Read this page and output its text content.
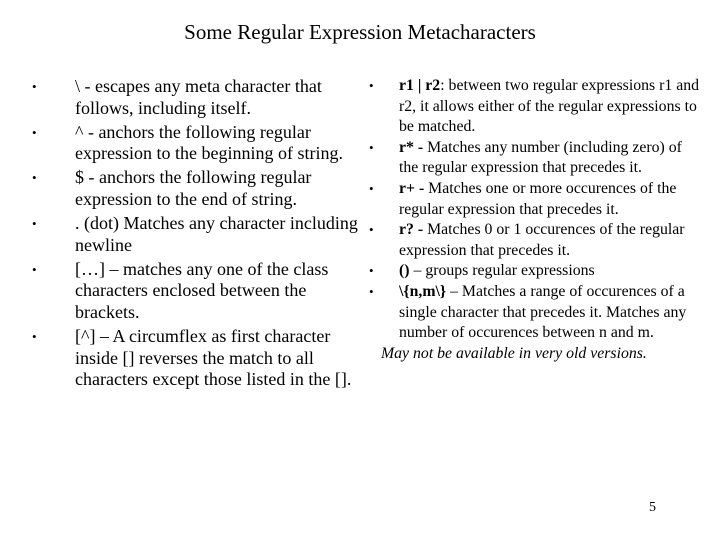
Some Regular Expression Metacharacters
• \ - escapes any meta character that follows, including itself.
• ^ - anchors the following regular expression to the beginning of string.
• $ - anchors the following regular expression to the end of string.
• . (dot) Matches any character including newline
• […] – matches any one of the class characters enclosed between the brackets.
• [^] – A circumflex as first character inside [] reverses the match to all characters except those listed in the [].
• r1 | r2: between two regular expressions r1 and r2, it allows either of the regular expressions to be matched.
• r* - Matches any number (including zero) of the regular expression that precedes it.
• r+ - Matches one or more occurences of the regular expression that precedes it.
• r? - Matches 0 or 1 occurences of the regular expression that precedes it.
• () – groups regular expressions
• \{n,m\} – Matches a range of occurences of a single character that precedes it. Matches any number of occurences between n and m.
May not be available in very old versions.
5
